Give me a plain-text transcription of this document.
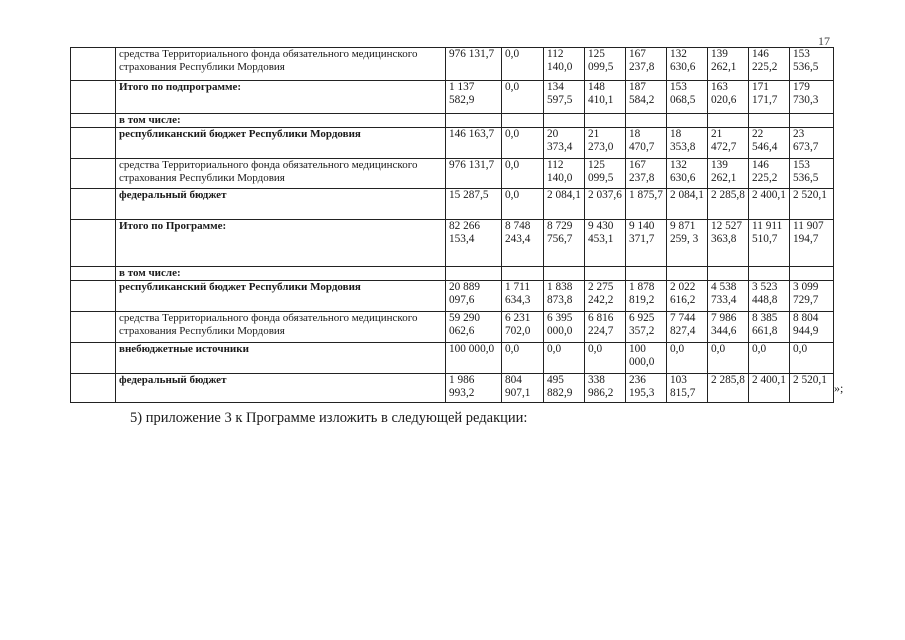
17
	средства Территориального фонда обязательного медицинского страхования Республики Мордовия	976 131,7	0,0	112 140,0	125 099,5	167 237,8	132 630,6	139 262,1	146 225,2	153 536,5
	Итого по подпрограмме:	1 137 582,9	0,0	134 597,5	148 410,1	187 584,2	153 068,5	163 020,6	171 171,7	179 730,3
	в том числе:									
	республиканский бюджет Республики Мордовия	146 163,7	0,0	20 373,4	21 273,0	18 470,7	18 353,8	21 472,7	22 546,4	23 673,7
	средства Территориального фонда обязательного медицинского страхования Республики Мордовия	976 131,7	0,0	112 140,0	125 099,5	167 237,8	132 630,6	139 262,1	146 225,2	153 536,5
	федеральный бюджет	15 287,5	0,0	2 084,1	2 037,6	1 875,7	2 084,1	2 285,8	2 400,1	2 520,1
	Итого по Программе:	82 266 153,4	8 748 243,4	8 729 756,7	9 430 453,1	9 140 371,7	9 871 259, 3	12 527 363,8	11 911 510,7	11 907 194,7
	в том числе:									
	республиканский бюджет Республики Мордовия	20 889 097,6	1 711 634,3	1 838 873,8	2 275 242,2	1 878 819,2	2 022 616,2	4 538 733,4	3 523 448,8	3 099 729,7
	средства Территориального фонда обязательного медицинского страхования Республики Мордовия	59 290 062,6	6 231 702,0	6 395 000,0	6 816 224,7	6 925 357,2	7 744 827,4	7 986 344,6	8 385 661,8	8 804 944,9
	внебюджетные источники	100 000,0	0,0	0,0	0,0	100 000,0	0,0	0,0	0,0	0,0
	федеральный бюджет	1 986 993,2	804 907,1	495 882,9	338 986,2	236 195,3	103 815,7	2 285,8	2 400,1	2 520,1
»;
5) приложение 3 к Программе изложить в следующей редакции:
